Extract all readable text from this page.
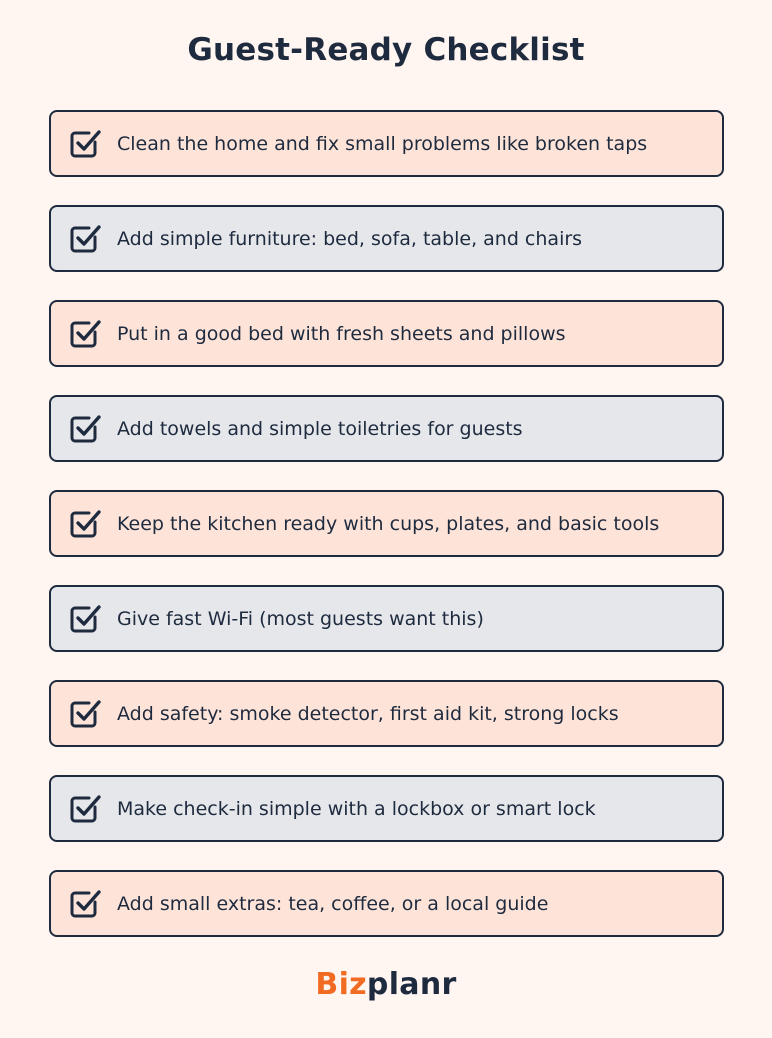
Guest-Ready Checklist
Clean the home and fix small problems like broken taps
Add simple furniture: bed, sofa, table, and chairs
Put in a good bed with fresh sheets and pillows
Add towels and simple toiletries for guests
Keep the kitchen ready with cups, plates, and basic tools
Give fast Wi-Fi (most guests want this)
Add safety: smoke detector, first aid kit, strong locks
Make check-in simple with a lockbox or smart lock
Add small extras: tea, coffee, or a local guide
Bizplanr
